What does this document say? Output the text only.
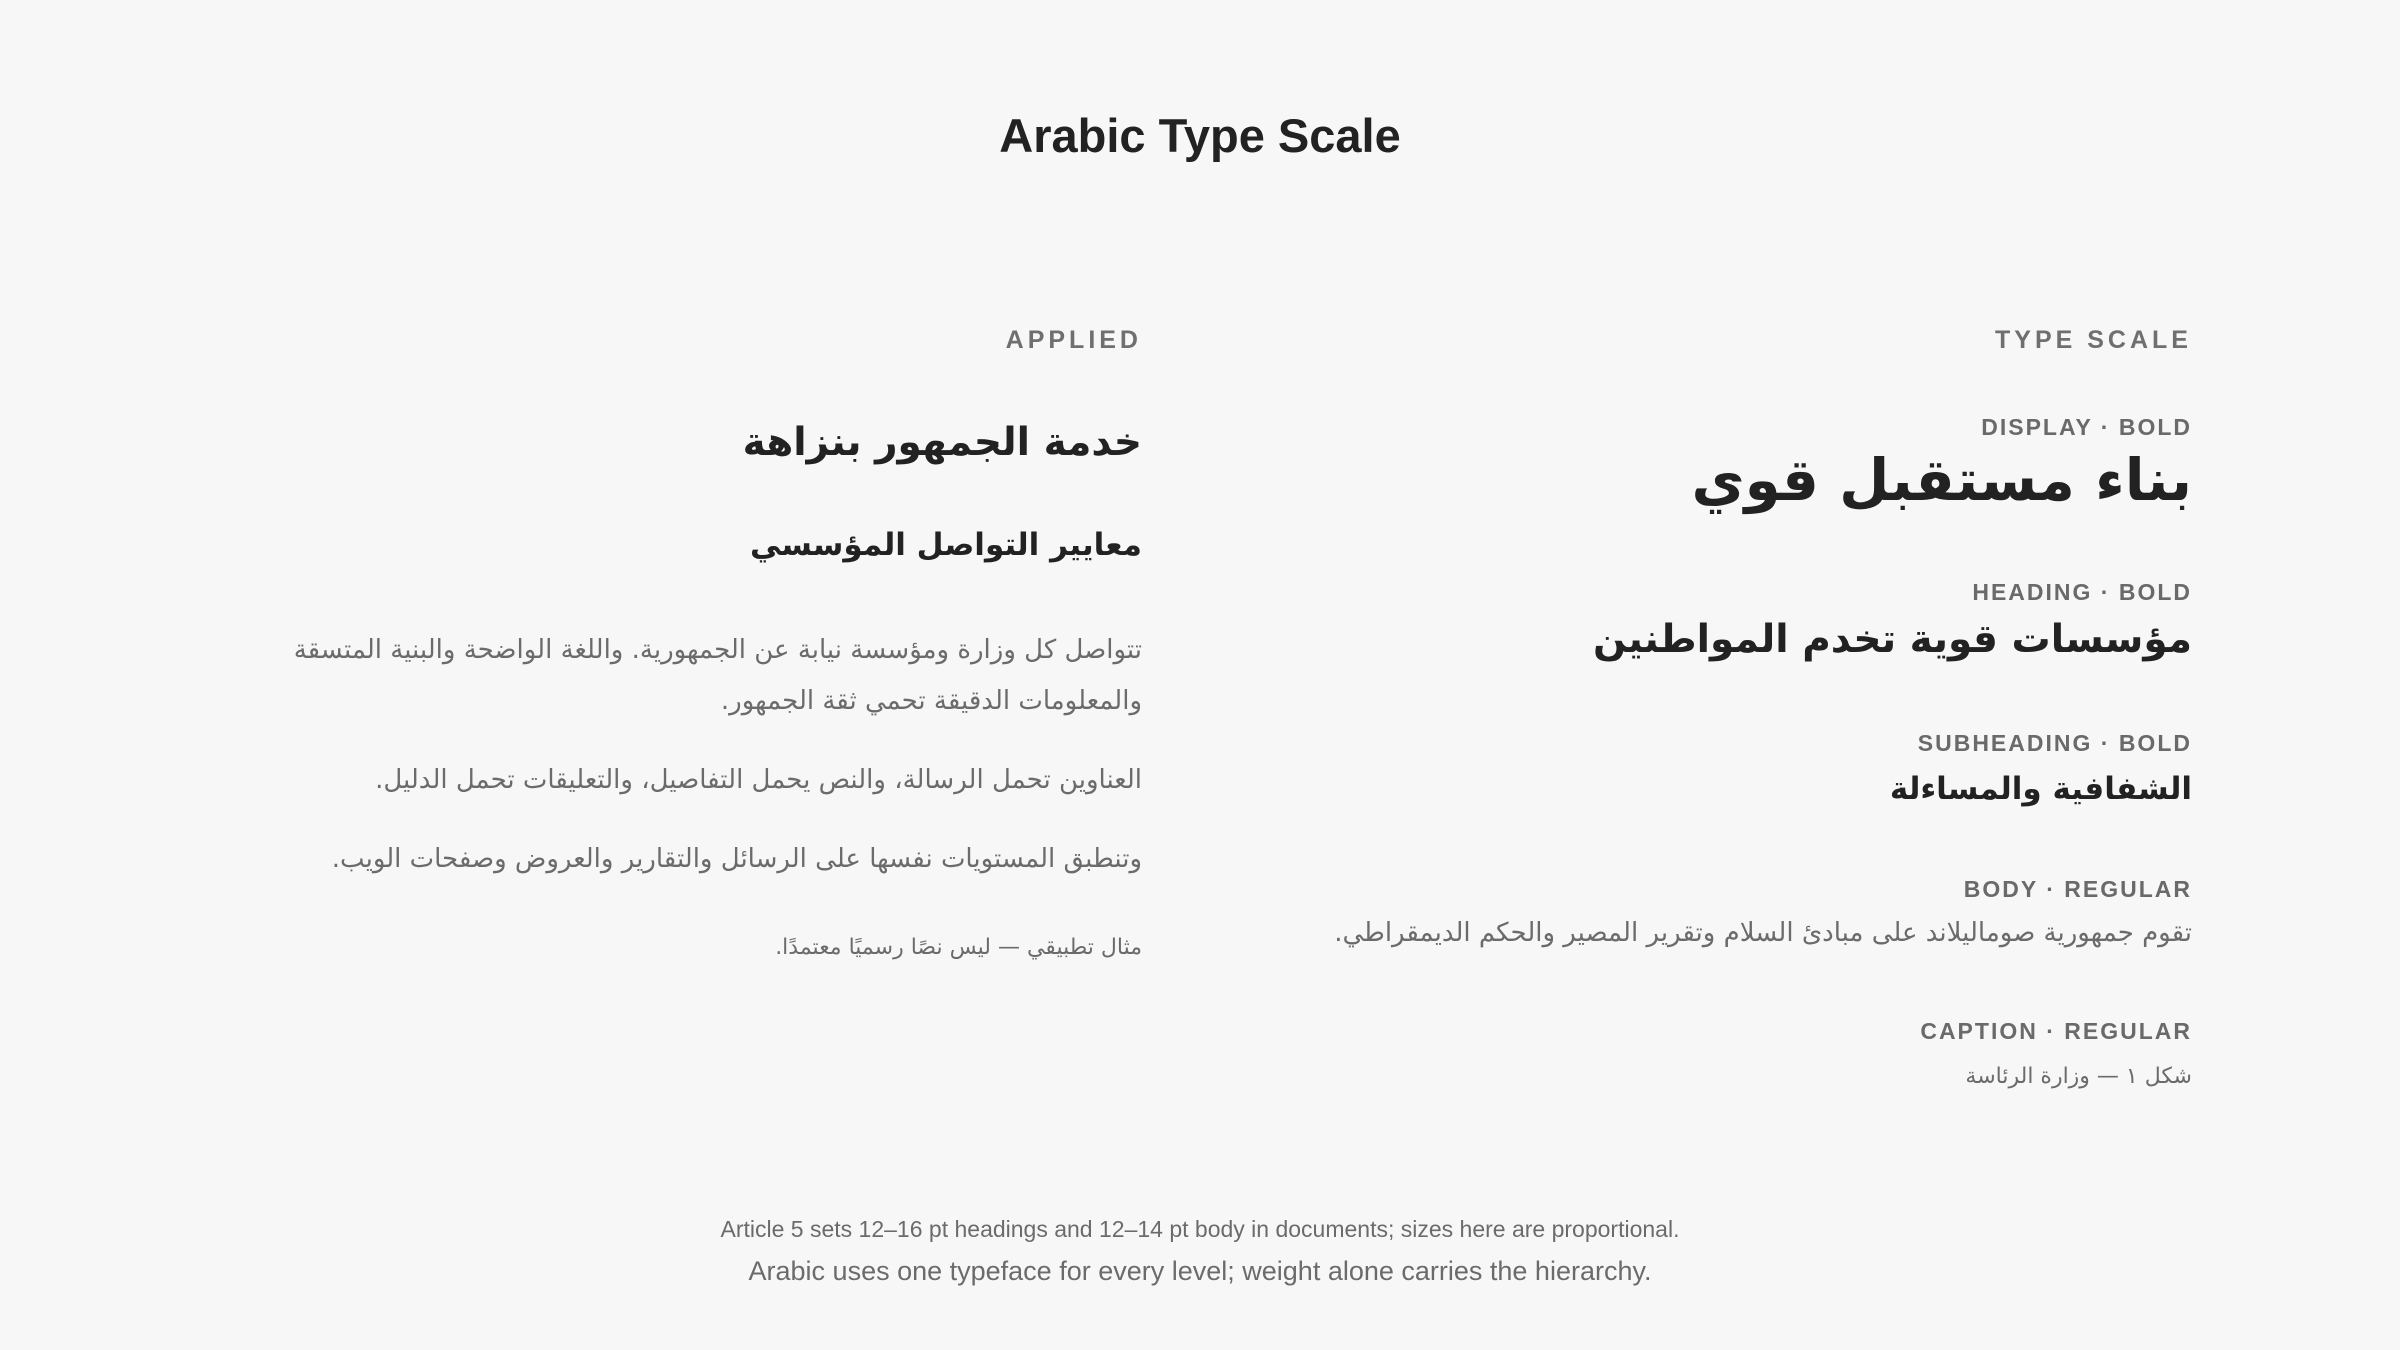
Arabic Type Scale
APPLIED
خدمة الجمهور بنزاهة
معايير التواصل المؤسسي
تتواصل كل وزارة ومؤسسة نيابة عن الجمهورية. واللغة الواضحة والبنية المتسقة
والمعلومات الدقيقة تحمي ثقة الجمهور.
العناوين تحمل الرسالة، والنص يحمل التفاصيل، والتعليقات تحمل الدليل.
وتنطبق المستويات نفسها على الرسائل والتقارير والعروض وصفحات الويب.
مثال تطبيقي — ليس نصًا رسميًا معتمدًا.
TYPE SCALE
DISPLAY · BOLD
بناء مستقبل قوي
HEADING · BOLD
مؤسسات قوية تخدم المواطنين
SUBHEADING · BOLD
الشفافية والمساءلة
BODY · REGULAR
تقوم جمهورية صوماليلاند على مبادئ السلام وتقرير المصير والحكم الديمقراطي.
CAPTION · REGULAR
شكل ١ — وزارة الرئاسة
Article 5 sets 12–16 pt headings and 12–14 pt body in documents; sizes here are proportional.
Arabic uses one typeface for every level; weight alone carries the hierarchy.
